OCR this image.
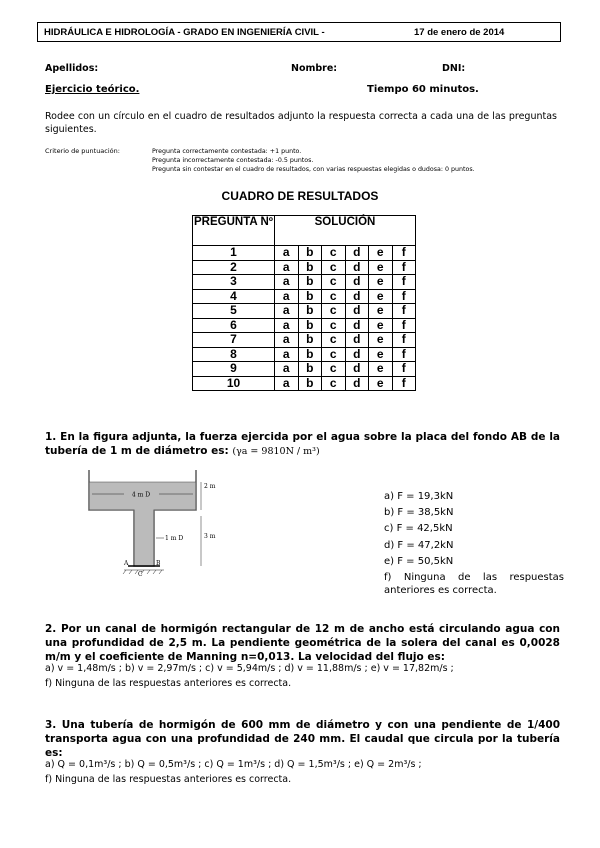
HIDRÁULICA E HIDROLOGÍA - GRADO EN INGENIERÍA CIVIL -	17 de enero de 2014
Apellidos:	Nombre:	DNI:
Ejercicio teórico.	Tiempo 60 minutos.
Rodee con un círculo en el cuadro de resultados adjunto la respuesta correcta a cada una de las preguntas siguientes.
Criterio de puntuación:	Pregunta correctamente contestada: +1 punto.
Pregunta incorrectamente contestada: -0.5 puntos.
Pregunta sin contestar en el cuadro de resultados, con varias respuestas elegidas o dudosa: 0 puntos.
CUADRO DE RESULTADOS
PREGUNTA Nº	SOLUCIÓN					
1	a	b	c	d	e	f
2	a	b	c	d	e	f
3	a	b	c	d	e	f
4	a	b	c	d	e	f
5	a	b	c	d	e	f
6	a	b	c	d	e	f
7	a	b	c	d	e	f
8	a	b	c	d	e	f
9	a	b	c	d	e	f
10	a	b	c	d	e	f
1. En la figura adjunta, la fuerza ejercida por el agua sobre la placa del fondo AB de la tubería de 1 m de diámetro es: (γa = 9810N / m³)
4 m D
2 m
3 m
1 m D
A	B
C
a) F = 19,3kN
b) F = 38,5kN
c) F = 42,5kN
d) F = 47,2kN
e) F = 50,5kN
f) Ninguna de las respuestas anteriores es correcta.
2. Por un canal de hormigón rectangular de 12 m de ancho está circulando agua con una profundidad de 2,5 m. La pendiente geométrica de la solera del canal es 0,0028 m/m y el coeficiente de Manning n=0,013. La velocidad del flujo es:
a) v = 1,48m/s ; b) v = 2,97m/s ; c) v = 5,94m/s ; d) v = 11,88m/s ; e) v = 17,82m/s ;
f) Ninguna de las respuestas anteriores es correcta.
3. Una tubería de hormigón de 600 mm de diámetro y con una pendiente de 1/400 transporta agua con una profundidad de 240 mm. El caudal que circula por la tubería es:
a) Q = 0,1m³/s ; b) Q = 0,5m³/s ; c) Q = 1m³/s ; d) Q = 1,5m³/s ; e) Q = 2m³/s ;
f) Ninguna de las respuestas anteriores es correcta.
